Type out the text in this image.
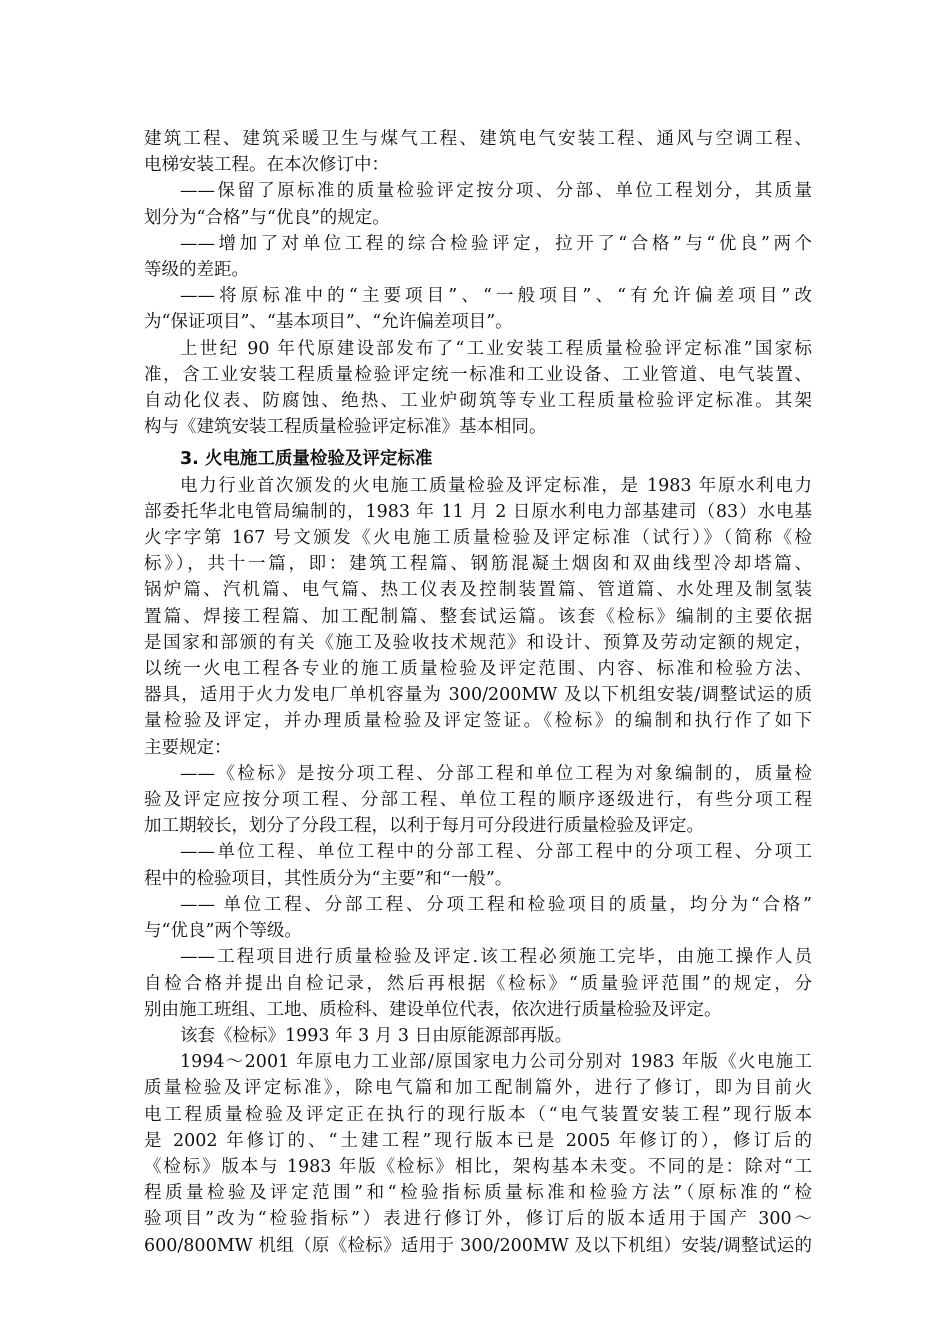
建筑工程、建筑采暖卫生与煤气工程、建筑电气安装工程、通风与空调工程、
电梯安装工程。在本次修订中：
——保留了原标准的质量检验评定按分项、分部、单位工程划分，其质量
划分为“合格”与“优良”的规定。
——增加了对单位工程的综合检验评定，拉开了“合格”与“优良”两个
等级的差距。
——将原标准中的“主要项目”、“一般项目”、“有允许偏差项目”改
为“保证项目”、“基本项目”、“允许偏差项目”。
上世纪 90 年代原建设部发布了“工业安装工程质量检验评定标准”国家标
准，含工业安装工程质量检验评定统一标准和工业设备、工业管道、电气装置、
自动化仪表、防腐蚀、绝热、工业炉砌筑等专业工程质量检验评定标准。其架
构与《建筑安装工程质量检验评定标准》基本相同。
3. 火电施工质量检验及评定标准
电力行业首次颁发的火电施工质量检验及评定标准，是 1983 年原水利电力
部委托华北电管局编制的，1983 年 11 月 2 日原水利电力部基建司（83）水电基
火字字第 167 号文颁发《火电施工质量检验及评定标准（试行）》（简称《检
标》），共十一篇，即：建筑工程篇、钢筋混凝土烟囱和双曲线型冷却塔篇、
锅炉篇、汽机篇、电气篇、热工仪表及控制装置篇、管道篇、水处理及制氢装
置篇、焊接工程篇、加工配制篇、整套试运篇。该套《检标》编制的主要依据
是国家和部颁的有关《施工及验收技术规范》和设计、预算及劳动定额的规定，
以统一火电工程各专业的施工质量检验及评定范围、内容、标准和检验方法、
器具，适用于火力发电厂单机容量为 300/200MW 及以下机组安装/调整试运的质
量检验及评定，并办理质量检验及评定签证。《检标》的编制和执行作了如下
主要规定：
——《检标》是按分项工程、分部工程和单位工程为对象编制的，质量检
验及评定应按分项工程、分部工程、单位工程的顺序逐级进行，有些分项工程
加工期较长，划分了分段工程，以利于每月可分段进行质量检验及评定。
——单位工程、单位工程中的分部工程、分部工程中的分项工程、分项工
程中的检验项目，其性质分为“主要”和“一般”。
—— 单位工程、分部工程、分项工程和检验项目的质量，均分为“合格”
与“优良”两个等级。
——工程项目进行质量检验及评定.该工程必须施工完毕，由施工操作人员
自检合格并提出自检记录，然后再根据《检标》“质量验评范围”的规定，分
别由施工班组、工地、质检科、建设单位代表，依次进行质量检验及评定。
该套《检标》1993 年 3 月 3 日由原能源部再版。
1994～2001 年原电力工业部/原国家电力公司分别对 1983 年版《火电施工
质量检验及评定标准》，除电气篇和加工配制篇外，进行了修订，即为目前火
电工程质量检验及评定正在执行的现行版本（“电气装置安装工程”现行版本
是 2002 年修订的、“土建工程”现行版本已是 2005 年修订的），修订后的
《检标》版本与 1983 年版《检标》相比，架构基本未变。不同的是：除对“工
程质量检验及评定范围”和“检验指标质量标准和检验方法”（原标准的“检
验项目”改为“检验指标”）表进行修订外，修订后的版本适用于国产 300～
600/800MW 机组（原《检标》适用于 300/200MW 及以下机组）安装/调整试运的
